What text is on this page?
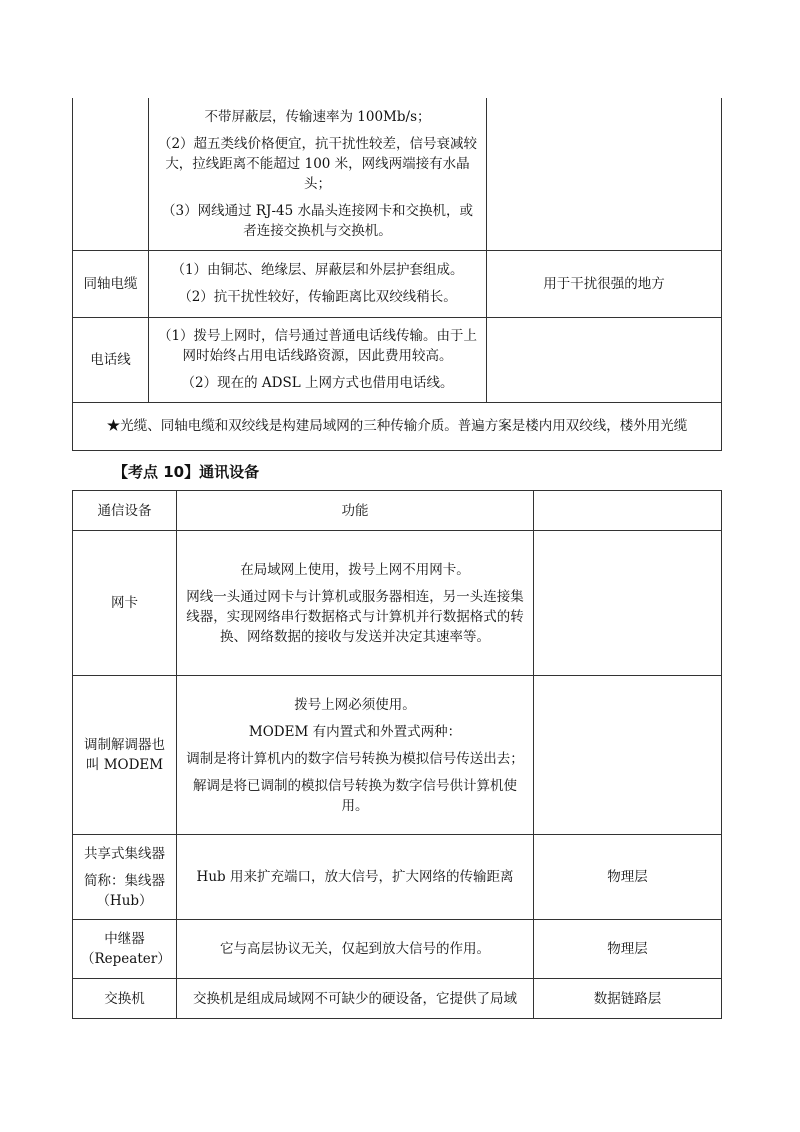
	不带屏蔽层，传输速率为 100Mb/s；

（2）超五类线价格便宜，抗干扰性较差，信号衰减较大，拉线距离不能超过 100 米，网线两端接有水晶头；

（3）网线通过 RJ-45 水晶头连接网卡和交换机，或者连接交换机与交换机。	

同轴电缆	（1）由铜芯、绝缘层、屏蔽层和外层护套组成。

（2）抗干扰性较好，传输距离比双绞线稍长。	用于干扰很强的地方
电话线	（1）拨号上网时，信号通过普通电话线传输。由于上网时始终占用电话线路资源，因此费用较高。

（2）现在的 ADSL 上网方式也借用电话线。	

★光缆、同轴电缆和双绞线是构建局域网的三种传输介质。普遍方案是楼内用双绞线，楼外用光缆		
【考点 10】通讯设备
通信设备	功能	

网卡	在局域网上使用，拨号上网不用网卡。

网线一头通过网卡与计算机或服务器相连，另一头连接集线器，实现网络串行数据格式与计算机并行数据格式的转换、网络数据的接收与发送并决定其速率等。	

调制解调器也叫 MODEM	拨号上网必须使用。

MODEM 有内置式和外置式两种：

调制是将计算机内的数字信号转换为模拟信号传送出去；

解调是将已调制的模拟信号转换为数字信号供计算机使用。	

共享式集线器

简称：集线器（Hub）	Hub 用来扩充端口，放大信号，扩大网络的传输距离	物理层

中继器（Repeater）	它与高层协议无关，仅起到放大信号的作用。	物理层

交换机	交换机是组成局域网不可缺少的硬设备，它提供了局域	数据链路层
